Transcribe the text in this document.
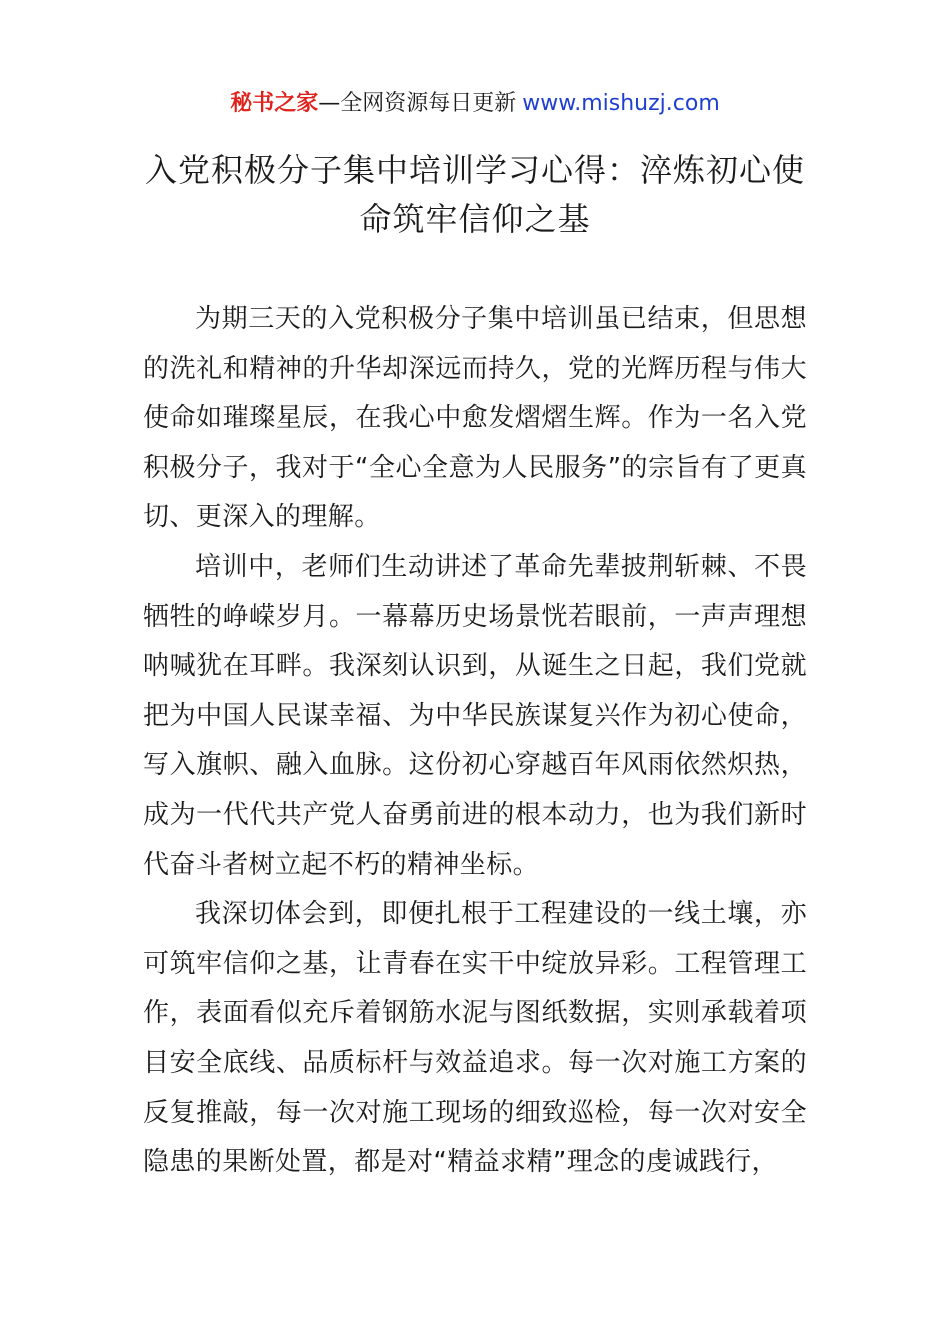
秘书之家—全网资源每日更新 www.mishuzj.com
入党积极分子集中培训学习心得：淬炼初心使命筑牢信仰之基

为期三天的入党积极分子集中培训虽已结束，但思想的洗礼和精神的升华却深远而持久，党的光辉历程与伟大使命如璀璨星辰，在我心中愈发熠熠生辉。作为一名入党积极分子，我对于“全心全意为人民服务”的宗旨有了更真切、更深入的理解。

培训中，老师们生动讲述了革命先辈披荆斩棘、不畏牺牲的峥嵘岁月。一幕幕历史场景恍若眼前，一声声理想呐喊犹在耳畔。我深刻认识到，从诞生之日起，我们党就把为中国人民谋幸福、为中华民族谋复兴作为初心使命，写入旗帜、融入血脉。这份初心穿越百年风雨依然炽热，成为一代代共产党人奋勇前进的根本动力，也为我们新时代奋斗者树立起不朽的精神坐标。

我深切体会到，即便扎根于工程建设的一线土壤，亦可筑牢信仰之基，让青春在实干中绽放异彩。工程管理工作，表面看似充斥着钢筋水泥与图纸数据，实则承载着项目安全底线、品质标杆与效益追求。每一次对施工方案的反复推敲，每一次对施工现场的细致巡检，每一次对安全隐患的果断处置，都是对“精益求精”理念的虔诚践行，
